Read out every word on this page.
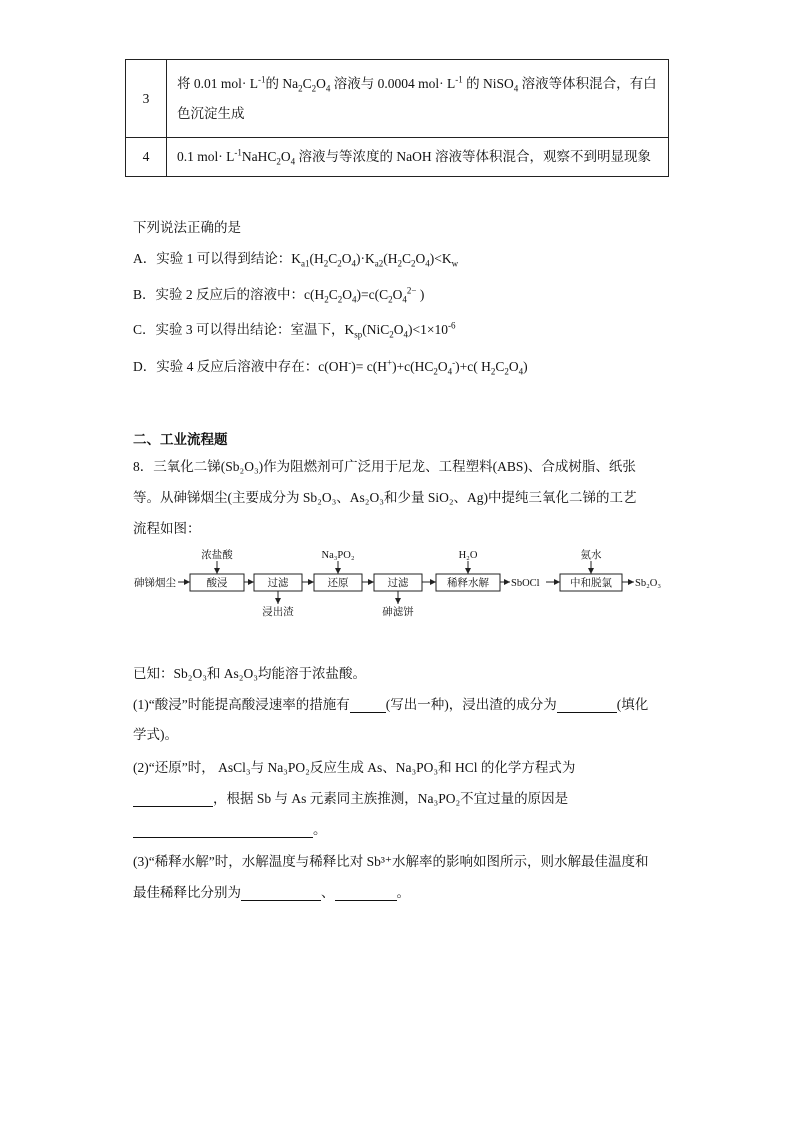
3	将 0.01 $mol\cdot L^{-1}$的 $Na_2C_2O_4$ 溶液与 0.0004 $mol\cdot L^{-1}$ 的 NiSO$_4$ 溶液等体积混合，有白色沉淀生成
4	0.1 $mol\cdot L^{-1}NaHC_2O_4$ 溶液与等浓度的 NaOH 溶液等体积混合，观察不到明显现象
下列说法正确的是
A．实验 1 可以得到结论：$K_{a1}(H_2C_2O_4)\cdot K_{a2}(H_2C_2O_4)<K_w$
B．实验 2 反应后的溶液中：$c(H_2C_2O_4)=c(C_2O_4^{2-}$ )
C．实验 3 可以得出结论：室温下，$K_{sp}(NiC_2O_4)<1\times 10^{-6}$
D．实验 4 反应后溶液中存在：$c(OH^-)= c(H^+)+c(HC_2O_4^-)+c$( $H_2C_2O_4$)
二、工业流程题
8．三氧化二锑(Sb₂O₃)作为阻燃剂可广泛用于尼龙、工程塑料(ABS)、合成树脂、纸张
等。从砷锑烟尘(主要成分为 Sb₂O₃、As₂O₃和少量 SiO₂、Ag)中提纯三氧化二锑的工艺
流程如图：
砷锑烟尘	酸浸
浓盐酸
过滤
浸出渣
还原
Na₃PO₂
过滤
砷滤饼
稀释水解
H₂O
SbOCl	中和脱氯
氨水
Sb₂O₃
已知：Sb₂O₃和 As₂O₃均能溶于浓盐酸。
(1)“酸浸”时能提高酸浸速率的措施有	(写出一种)，浸出渣的成分为	(填化
学式)。
(2)“还原”时， AsCl₃与 Na₃PO₂反应生成 As、Na₃PO₃和 HCl 的化学方程式为
，根据 Sb 与 As 元素同主族推测，Na₃PO₂不宜过量的原因是
。
(3)“稀释水解”时，水解温度与稀释比对 Sb³⁺水解率的影响如图所示，则水解最佳温度和
最佳稀释比分别为	、	。
